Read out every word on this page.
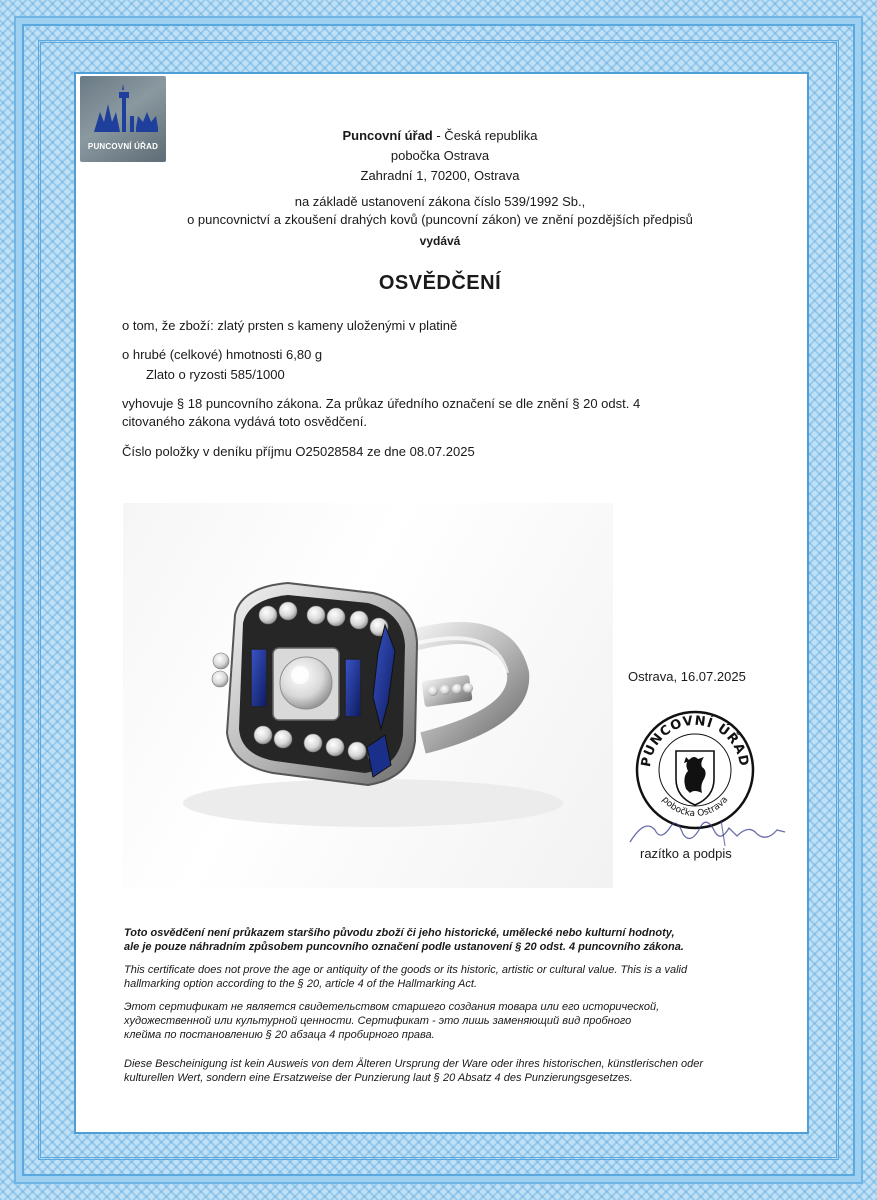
PUNCOVNÍ ÚŘAD
Puncovní úřad - Česká republika
pobočka Ostrava
Zahradní 1, 70200, Ostrava
na základě ustanovení zákona číslo 539/1992 Sb.,
o puncovnictví a zkoušení drahých kovů (puncovní zákon) ve znění pozdějších předpisů
vydává
OSVĚDČENÍ
o tom, že zboží: zlatý prsten s kameny uloženými v platině
o hrubé (celkové) hmotnosti 6,80 g
Zlato o ryzosti 585/1000
vyhovuje § 18 puncovního zákona. Za průkaz úředního označení se dle znění § 20 odst. 4
citovaného zákona vydává toto osvědčení.
Číslo položky v deníku příjmu O25028584 ze dne 08.07.2025
Ostrava, 16.07.2025
PUNCOVNÍ ÚŘAD
pobočka Ostrava
razítko a podpis
Toto osvědčení není průkazem staršího původu zboží či jeho historické, umělecké nebo kulturní hodnoty,
ale je pouze náhradním způsobem puncovního označení podle ustanovení § 20 odst. 4 puncovního zákona.
This certificate does not prove the age or antiquity of the goods or its historic, artistic or cultural value. This is a valid
hallmarking option according to the § 20, article 4 of the Hallmarking Act.
Этот сертификат не является свидетельством старшего создания товара или его исторической,
художественной или культурной ценности. Сертификат - это лишь заменяющий вид пробного
клейма по постановлению § 20 абзаца 4 пробирного права.
Diese Bescheinigung ist kein Ausweis von dem Älteren Ursprung der Ware oder ihres historischen, künstlerischen oder
kulturellen Wert, sondern eine Ersatzweise der Punzierung laut § 20 Absatz 4 des Punzierungsgesetzes.
